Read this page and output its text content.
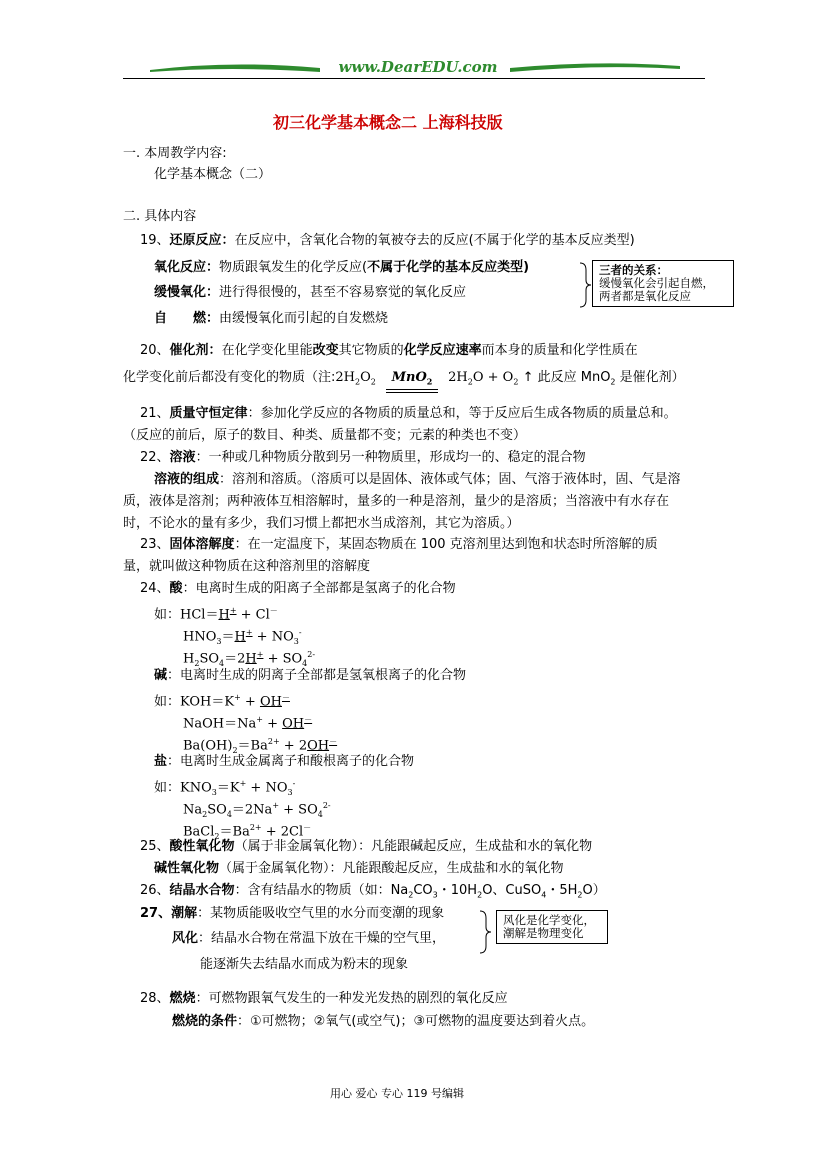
www.DearEDU.com
初三化学基本概念二 上海科技版
一. 本周教学内容:
化学基本概念（二）
二. 具体内容
19、还原反应：在反应中，含氧化合物的氧被夺去的反应(不属于化学的基本反应类型)
氧化反应：物质跟氧发生的化学反应(不属于化学的基本反应类型)
缓慢氧化：进行得很慢的，甚至不容易察觉的氧化反应
自　　燃：由缓慢氧化而引起的自发燃烧
三者的关系：
缓慢氧化会引起自燃，
两者都是氧化反应
20、催化剂：在化学变化里能改变其它物质的化学反应速率而本身的质量和化学性质在
化学变化前后都没有变化的物质（注$:2H_2O_2$ MnO$_2$ $2H_2O + O_2$ ↑ 此反应 MnO$_2$ 是催化剂）
21、质量守恒定律：参加化学反应的各物质的质量总和，等于反应后生成各物质的质量总和。
（反应的前后，原子的数目、种类、质量都不变；元素的种类也不变）
22、溶液：一种或几种物质分散到另一种物质里，形成均一的、稳定的混合物
溶液的组成：溶剂和溶质。（溶质可以是固体、液体或气体；固、气溶于液体时，固、气是溶
质，液体是溶剂；两种液体互相溶解时，量多的一种是溶剂，量少的是溶质；当溶液中有水存在
时，不论水的量有多少，我们习惯上都把水当成溶剂，其它为溶质。）
23、固体溶解度：在一定温度下，某固态物质在 100 克溶剂里达到饱和状态时所溶解的质
量，就叫做这种物质在这种溶剂里的溶解度
24、酸：电离时生成的阳离子全部都是氢离子的化合物
如：HCl＝H+ + Cl－
$HNO_3=H^+ + NO_3^-$
$H_2SO_4=2H^+ + SO_4^{2-}$
碱：电离时生成的阴离子全部都是氢氧根离子的化合物
如：KOH＝K+ + OH－
NaOH＝Na+ + OH－
$Ba(OH)_2=Ba^{2+} + 2OH^-$
盐：电离时生成金属离子和酸根离子的化合物
如：$KNO_3=K^+ + NO_3^-$
$Na_2SO_4=2Na^+ + SO_4^{2-}$
$BaCl_2=Ba^{2+} + 2Cl^-$
25、酸性氧化物（属于非金属氧化物）：凡能跟碱起反应，生成盐和水的氧化物
碱性氧化物（属于金属氧化物）：凡能跟酸起反应，生成盐和水的氧化物
26、结晶水合物：含有结晶水的物质（如：$Na_2CO_3$・$10H_2O$、CuSO$_4$・$5H_2O$）
27、潮解：某物质能吸收空气里的水分而变潮的现象
风化：结晶水合物在常温下放在干燥的空气里，
能逐渐失去结晶水而成为粉末的现象
风化是化学变化，
潮解是物理变化
28、燃烧：可燃物跟氧气发生的一种发光发热的剧烈的氧化反应
燃烧的条件：①可燃物；②氧气(或空气)；③可燃物的温度要达到着火点。
用心 爱心 专心 119 号编辑
